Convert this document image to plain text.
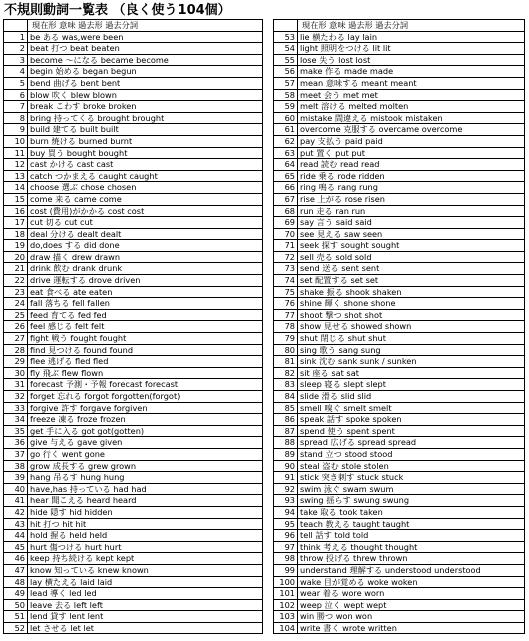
不規則動詞一覧表 （良く使う104個）
	現在形 意味 過去形 過去分詞
1	be ある was,were been
2	beat 打つ beat beaten
3	become ～になる became become
4	begin 始める began begun
5	bend 曲げる bent bent
6	blow 吹く blew blown
7	break こわす broke broken
8	bring 持ってくる brought brought
9	build 建てる built built
10	burn 焼ける burned burnt
11	buy 買う bought bought
12	cast かける cast cast
13	catch つかまえる caught caught
14	choose 選ぶ chose chosen
15	come 来る came come
16	cost (費用)がかかる cost cost
17	cut 切る cut cut
18	deal 分ける dealt dealt
19	do,does する did done
20	draw 描く drew drawn
21	drink 飲む drank drunk
22	drive 運転する drove driven
23	eat 食べる ate eaten
24	fall 落ちる fell fallen
25	feed 育てる fed fed
26	feel 感じる felt felt
27	fight 戦う fought fought
28	find 見つける found found
29	flee 逃げる fled fled
30	fly 飛ぶ flew flown
31	forecast 予測・予報 forecast forecast
32	forget 忘れる forgot forgotten(forgot)
33	forgive 許す forgave forgiven
34	freeze 凍る froze frozen
35	get 手に入る got got(gotten)
36	give 与える gave given
37	go 行く went gone
38	grow 成長する grew grown
39	hang 吊るす hung hung
40	have,has 持っている had had
41	hear 聞こえる heard heard
42	hide 隠す hid hidden
43	hit 打つ hit hit
44	hold 握る held held
45	hurt 傷つける hurt hurt
46	keep 持ち続ける kept kept
47	know 知っている knew known
48	lay 横たえる laid laid
49	lead 導く led led
50	leave 去る left left
51	lend 貸す lent lent
52	let させる let let
	現在形 意味 過去形 過去分詞
53	lie 横たわる lay lain
54	light 照明をつける lit lit
55	lose 失う lost lost
56	make 作る made made
57	mean 意味する meant meant
58	meet 会う met met
59	melt 溶ける melted molten
60	mistake 間違える mistook mistaken
61	overcome 克服する overcame overcome
62	pay 支払う paid paid
63	put 置く put put
64	read 読む read read
65	ride 乗る rode ridden
66	ring 鳴る rang rung
67	rise 上がる rose risen
68	run 走る ran run
69	say 言う said said
70	see 見える saw seen
71	seek 探す sought sought
72	sell 売る sold sold
73	send 送る sent sent
74	set 配置する set set
75	shake 振る shook shaken
76	shine 輝く shone shone
77	shoot 撃つ shot shot
78	show 見せる showed shown
79	shut 閉じる shut shut
80	sing 歌う sang sung
81	sink 沈む sank sunk / sunken
82	sit 座る sat sat
83	sleep 寝る slept slept
84	slide 滑る slid slid
85	smell 嗅ぐ smelt smelt
86	speak 話す spoke spoken
87	spend 使う spent spent
88	spread 広げる spread spread
89	stand 立つ stood stood
90	steal 盗む stole stolen
91	stick 突き刺す stuck stuck
92	swim 泳ぐ swam swum
93	swing 揺らす swung swung
94	take 取る took taken
95	teach 教える taught taught
96	tell 話す told told
97	think 考える thought thought
98	throw 投げる threw thrown
99	understand 理解する understood understood
100	wake 目が覚める woke woken
101	wear 着る wore worn
102	weep 泣く wept wept
103	win 勝つ won won
104	write 書く wrote written
